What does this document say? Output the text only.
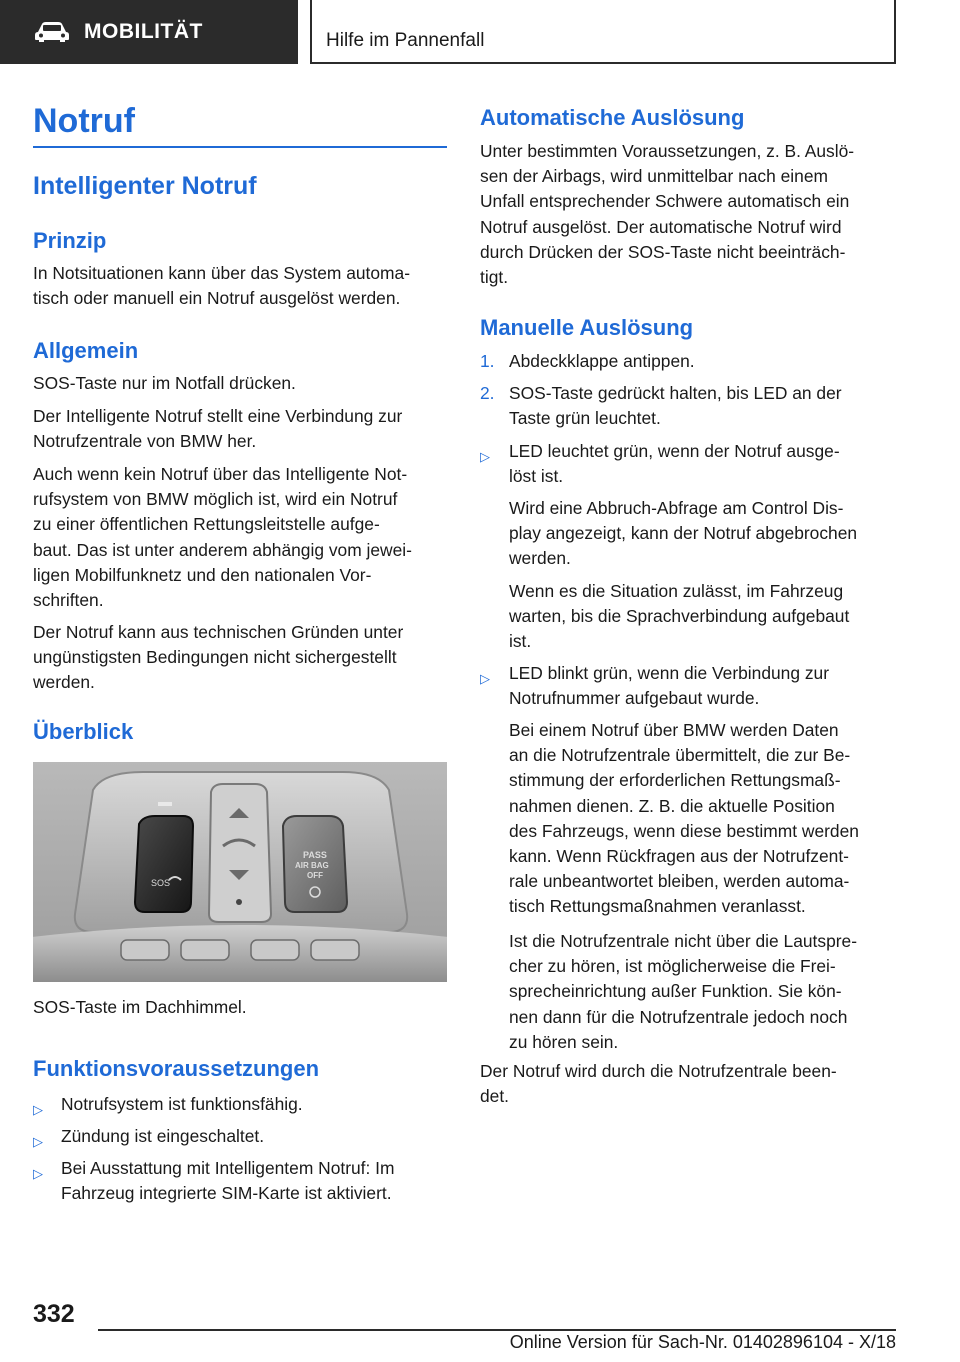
MOBILITÄT	Hilfe im Pannenfall
Notruf
Intelligenter Notruf
Prinzip
In Notsituationen kann über das System automa-
tisch oder manuell ein Notruf ausgelöst werden.
Allgemein
SOS-Taste nur im Notfall drücken.
Der Intelligente Notruf stellt eine Verbindung zur
Notrufzentrale von BMW her.
Auch wenn kein Notruf über das Intelligente Not-
rufsystem von BMW möglich ist, wird ein Notruf
zu einer öffentlichen Rettungsleitstelle aufge-
baut. Das ist unter anderem abhängig vom jewei-
ligen Mobilfunknetz und den nationalen Vor-
schriften.
Der Notruf kann aus technischen Gründen unter
ungünstigsten Bedingungen nicht sichergestellt
werden.
Überblick
SOS
PASS
AIR BAG
OFF
SOS-Taste im Dachhimmel.
Funktionsvoraussetzungen
▷ Notrufsystem ist funktionsfähig.
▷ Zündung ist eingeschaltet.
▷ Bei Ausstattung mit Intelligentem Notruf: Im
Fahrzeug integrierte SIM-Karte ist aktiviert.
Automatische Auslösung
Unter bestimmten Voraussetzungen, z. B. Auslö-
sen der Airbags, wird unmittelbar nach einem
Unfall entsprechender Schwere automatisch ein
Notruf ausgelöst. Der automatische Notruf wird
durch Drücken der SOS-Taste nicht beeinträch-
tigt.
Manuelle Auslösung
1. Abdeckklappe antippen.
2. SOS-Taste gedrückt halten, bis LED an der
Taste grün leuchtet.
▷ LED leuchtet grün, wenn der Notruf ausge-
löst ist.
Wird eine Abbruch-Abfrage am Control Dis-
play angezeigt, kann der Notruf abgebrochen
werden.
Wenn es die Situation zulässt, im Fahrzeug
warten, bis die Sprachverbindung aufgebaut
ist.
▷ LED blinkt grün, wenn die Verbindung zur
Notrufnummer aufgebaut wurde.
Bei einem Notruf über BMW werden Daten
an die Notrufzentrale übermittelt, die zur Be-
stimmung der erforderlichen Rettungsmaß-
nahmen dienen. Z. B. die aktuelle Position
des Fahrzeugs, wenn diese bestimmt werden
kann. Wenn Rückfragen aus der Notrufzent-
rale unbeantwortet bleiben, werden automa-
tisch Rettungsmaßnahmen veranlasst.
Ist die Notrufzentrale nicht über die Lautspre-
cher zu hören, ist möglicherweise die Frei-
sprecheinrichtung außer Funktion. Sie kön-
nen dann für die Notrufzentrale jedoch noch
zu hören sein.
Der Notruf wird durch die Notrufzentrale been-
det.
332
Online Version für Sach-Nr. 01402896104 - X/18
